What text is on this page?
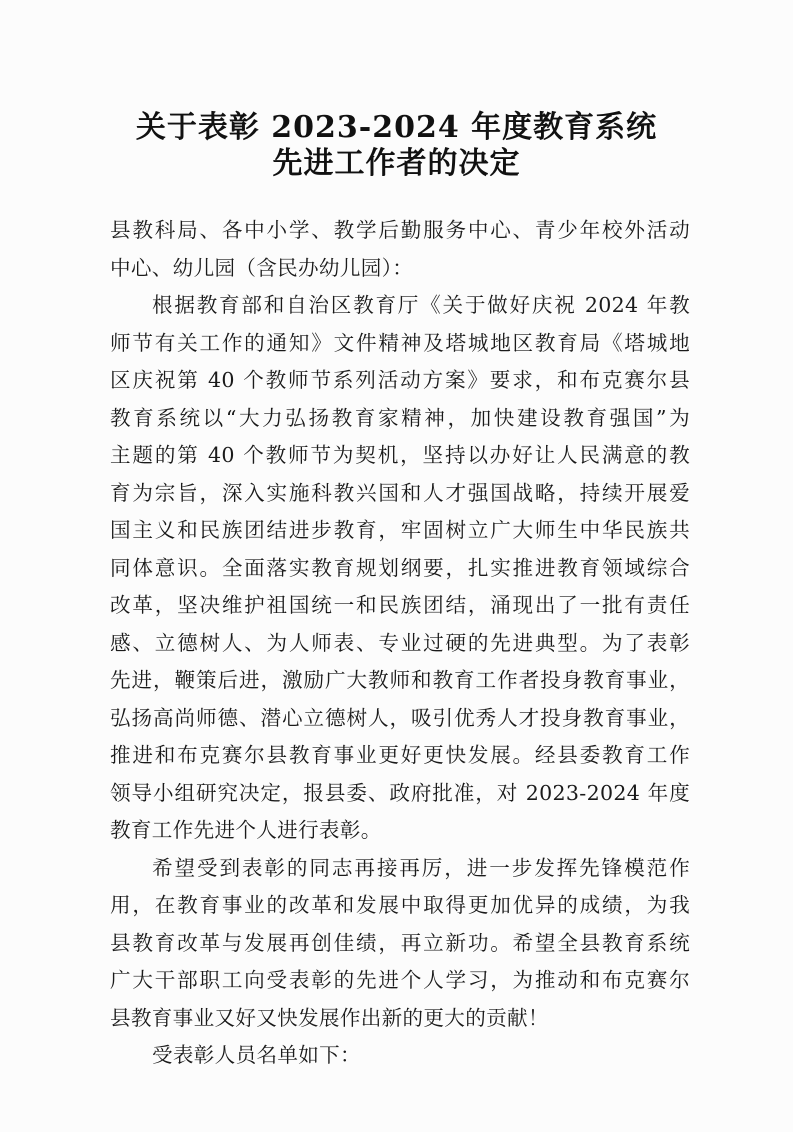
关于表彰 2023-2024 年度教育系统
先进工作者的决定
县教科局、各中小学、教学后勤服务中心、青少年校外活动
中心、幼儿园（含民办幼儿园）：
根据教育部和自治区教育厅《关于做好庆祝 2024 年教
师节有关工作的通知》文件精神及塔城地区教育局《塔城地
区庆祝第 40 个教师节系列活动方案》要求，和布克赛尔县
教育系统以“大力弘扬教育家精神，加快建设教育强国”为
主题的第 40 个教师节为契机，坚持以办好让人民满意的教
育为宗旨，深入实施科教兴国和人才强国战略，持续开展爱
国主义和民族团结进步教育，牢固树立广大师生中华民族共
同体意识。全面落实教育规划纲要，扎实推进教育领域综合
改革，坚决维护祖国统一和民族团结，涌现出了一批有责任
感、立德树人、为人师表、专业过硬的先进典型。为了表彰
先进，鞭策后进，激励广大教师和教育工作者投身教育事业，
弘扬高尚师德、潜心立德树人，吸引优秀人才投身教育事业，
推进和布克赛尔县教育事业更好更快发展。经县委教育工作
领导小组研究决定，报县委、政府批准，对 2023-2024 年度
教育工作先进个人进行表彰。
希望受到表彰的同志再接再厉，进一步发挥先锋模范作
用，在教育事业的改革和发展中取得更加优异的成绩，为我
县教育改革与发展再创佳绩，再立新功。希望全县教育系统
广大干部职工向受表彰的先进个人学习，为推动和布克赛尔
县教育事业又好又快发展作出新的更大的贡献！
受表彰人员名单如下：
